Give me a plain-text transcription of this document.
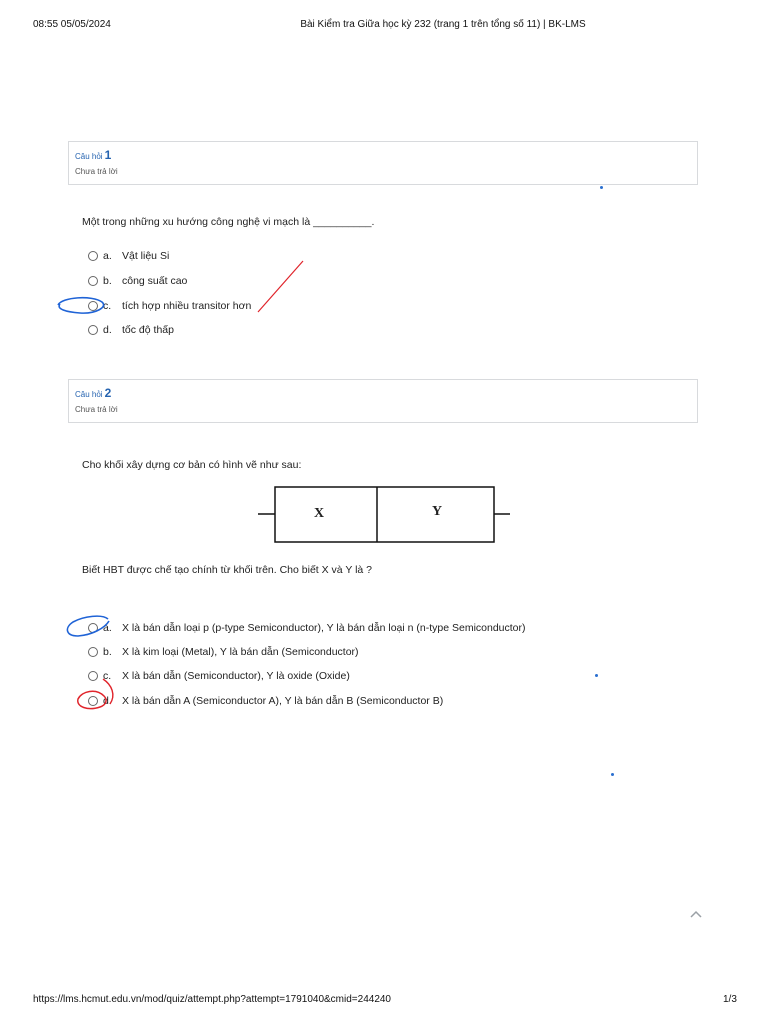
08:55 05/05/2024	Bài Kiểm tra Giữa học kỳ 232 (trang 1 trên tổng số 11) | BK-LMS
Câu hỏi 1
Chưa trả lời
Một trong những xu hướng công nghệ vi mạch là __________.
a. Vật liệu Si
b. công suất cao
c. tích hợp nhiều transitor hơn
d. tốc độ thấp
Câu hỏi 2
Chưa trả lời
Cho khối xây dựng cơ bản có hình vẽ như sau:
X	Y
Biết HBT được chế tạo chính từ khối trên. Cho biết X và Y là ?
a. X là bán dẫn loại p (p-type Semiconductor), Y là bán dẫn loại n (n-type Semiconductor)
b. X là kim loại (Metal), Y là bán dẫn (Semiconductor)
c. X là bán dẫn (Semiconductor), Y là oxide (Oxide)
d. X là bán dẫn A (Semiconductor A), Y là bán dẫn B (Semiconductor B)
https://lms.hcmut.edu.vn/mod/quiz/attempt.php?attempt=1791040&cmid=244240	1/3
